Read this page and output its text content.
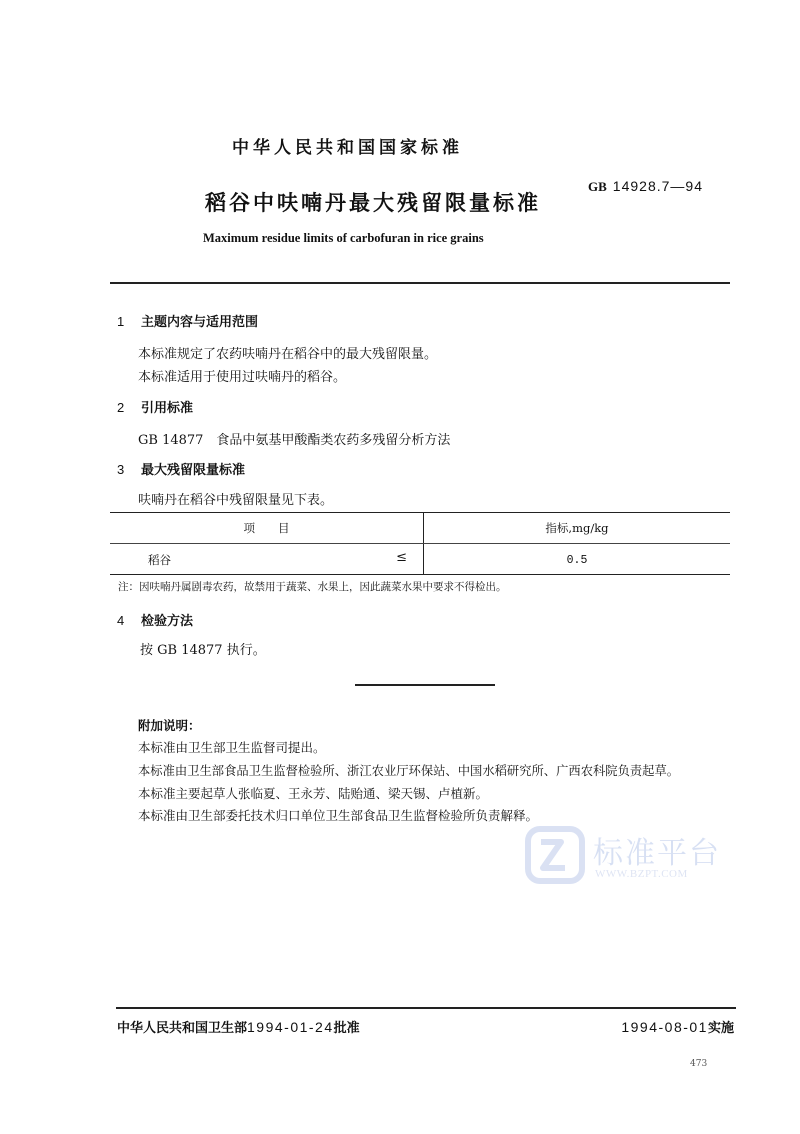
中华人民共和国国家标准
GB 14928.7—94
稻谷中呋喃丹最大残留限量标准
Maximum residue limits of carbofuran in rice grains
1 主题内容与适用范围
本标准规定了农药呋喃丹在稻谷中的最大残留限量。
本标准适用于使用过呋喃丹的稻谷。
2 引用标准
GB 14877　食品中氨基甲酸酯类农药多残留分析方法
3 最大残留限量标准
呋喃丹在稻谷中残留限量见下表。
项　　目	指标,mg/kg

稻谷 ≤	0.5
注：因呋喃丹属剧毒农药，故禁用于蔬菜、水果上，因此蔬菜水果中要求不得检出。
4 检验方法
按 GB 14877 执行。
附加说明：
本标准由卫生部卫生监督司提出。
本标准由卫生部食品卫生监督检验所、浙江农业厅环保站、中国水稻研究所、广西农科院负责起草。
本标准主要起草人张临夏、王永芳、陆贻通、梁天锡、卢植新。
本标准由卫生部委托技术归口单位卫生部食品卫生监督检验所负责解释。
标准平台
WWW.BZPT.COM
中华人民共和国卫生部1994-01-24批准	1994-08-01实施
473
